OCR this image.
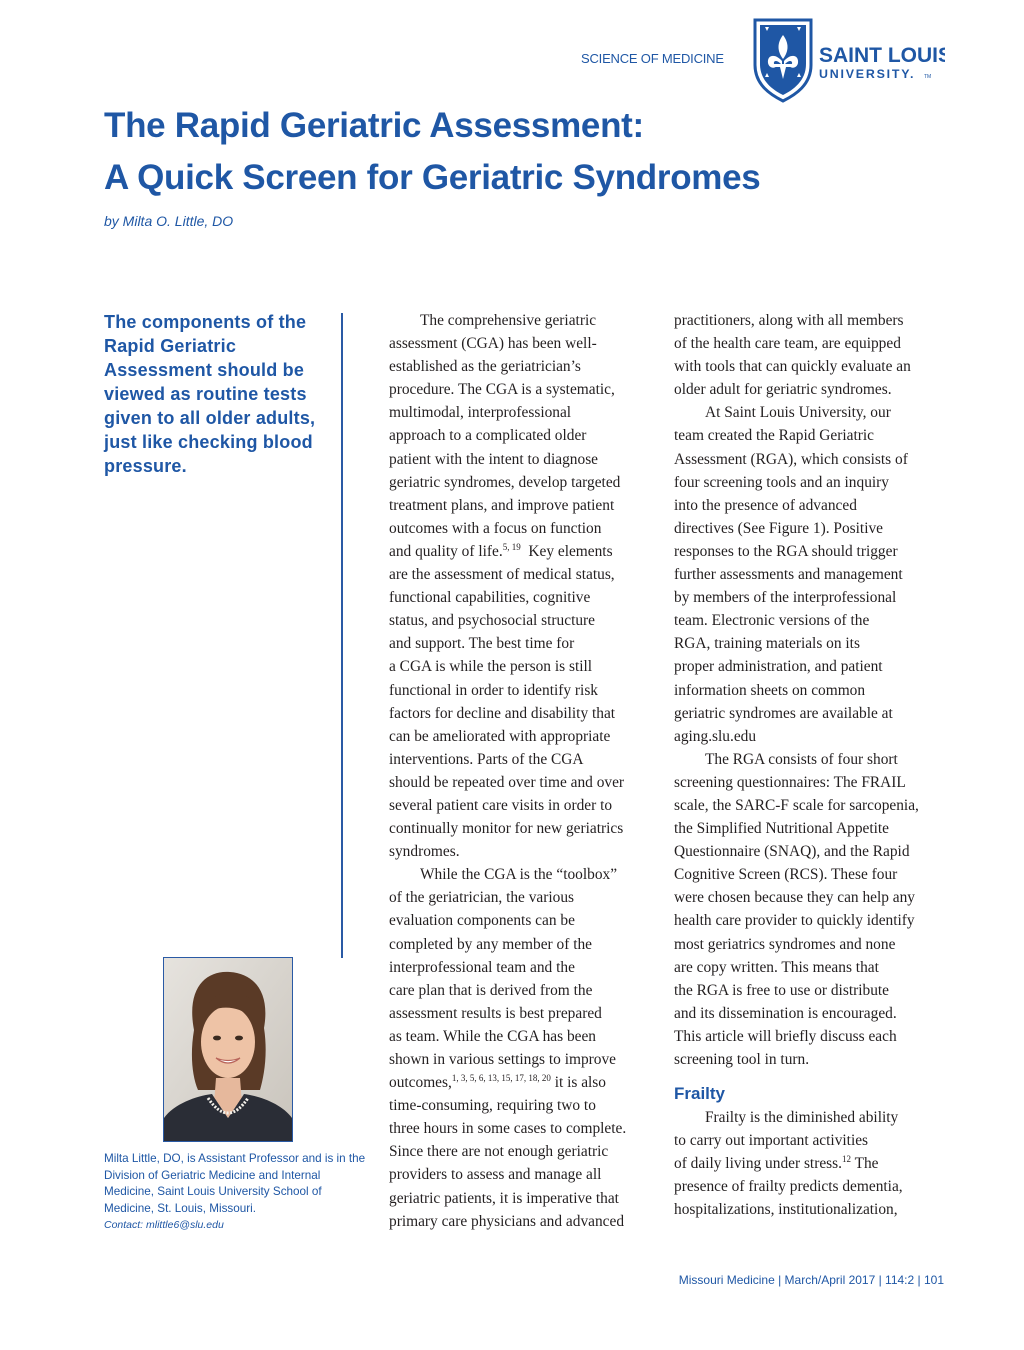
SCIENCE OF MEDICINE	SAINT LOUIS
UNIVERSITY. TM
The Rapid Geriatric Assessment:
A Quick Screen for Geriatric Syndromes
by Milta O. Little, DO

The components of the Rapid Geriatric Assessment should be viewed as routine tests given to all older adults, just like checking blood pressure.

Milta Little, DO, is Assistant Professor and is in the Division of Geriatric Medicine and Internal Medicine, Saint Louis University School of Medicine, St. Louis, Missouri.

Contact: mlittle6@slu.edu

The comprehensive geriatric
assessment (CGA) has been well-
established as the geriatrician’s
procedure. The CGA is a systematic,
multimodal, interprofessional
approach to a complicated older
patient with the intent to diagnose
geriatric syndromes, develop targeted
treatment plans, and improve patient
outcomes with a focus on function
and quality of life.$^{5, 19}$  Key elements
are the assessment of medical status,
functional capabilities, cognitive
status, and psychosocial structure
and support. The best time for
a CGA is while the person is still
functional in order to identify risk
factors for decline and disability that
can be ameliorated with appropriate
interventions. Parts of the CGA
should be repeated over time and over
several patient care visits in order to
continually monitor for new geriatrics
syndromes.
While the CGA is the “toolbox”
of the geriatrician, the various
evaluation components can be
completed by any member of the
interprofessional team and the
care plan that is derived from the
assessment results is best prepared
as team. While the CGA has been
shown in various settings to improve
outcomes,$^{1, 3, 5, 6, 13, 15, 17, 18, 20}$ it is also
time-consuming, requiring two to
three hours in some cases to complete.
Since there are not enough geriatric
providers to assess and manage all
geriatric patients, it is imperative that
primary care physicians and advanced
practitioners, along with all members
of the health care team, are equipped
with tools that can quickly evaluate an
older adult for geriatric syndromes.
At Saint Louis University, our
team created the Rapid Geriatric
Assessment (RGA), which consists of
four screening tools and an inquiry
into the presence of advanced
directives (See Figure 1). Positive
responses to the RGA should trigger
further assessments and management
by members of the interprofessional
team. Electronic versions of the
RGA, training materials on its
proper administration, and patient
information sheets on common
geriatric syndromes are available at
aging.slu.edu
The RGA consists of four short
screening questionnaires: The FRAIL
scale, the SARC-F scale for sarcopenia,
the Simplified Nutritional Appetite
Questionnaire (SNAQ), and the Rapid
Cognitive Screen (RCS). These four
were chosen because they can help any
health care provider to quickly identify
most geriatrics syndromes and none
are copy written. This means that
the RGA is free to use or distribute
and its dissemination is encouraged.
This article will briefly discuss each
screening tool in turn.
Frailty
Frailty is the diminished ability
to carry out important activities
of daily living under stress.$^{12}$ The
presence of frailty predicts dementia,
hospitalizations, institutionalization,
Missouri Medicine | March/April 2017 | 114:2 | 101
